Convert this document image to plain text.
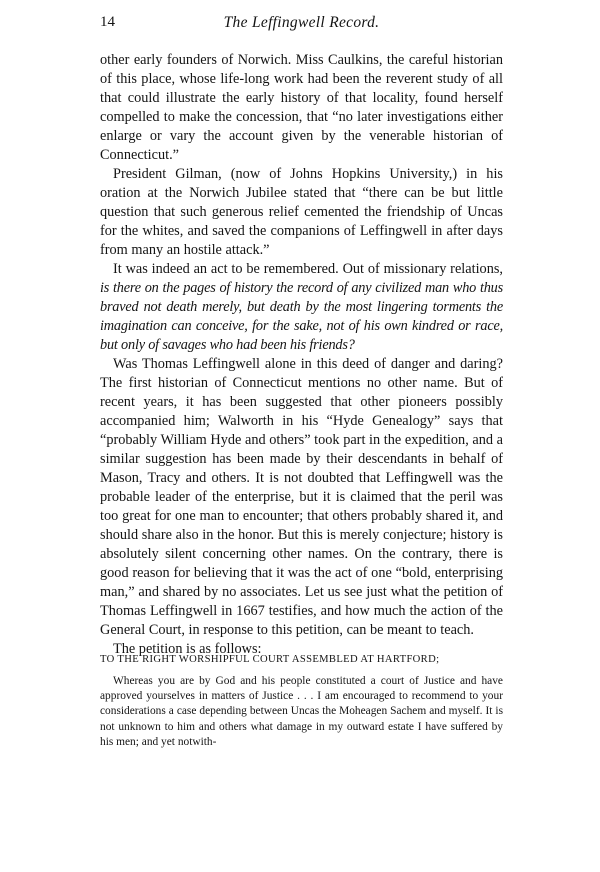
14	The Leffingwell Record.

other early founders of Norwich. Miss Caulkins, the careful historian of this place, whose life-long work had been the reverent study of all that could illustrate the early history of that locality, found herself compelled to make the concession, that “no later investigations either enlarge or vary the account given by the venerable historian of Connecticut.”

President Gilman, (now of Johns Hopkins University,) in his oration at the Norwich Jubilee stated that “there can be but little question that such generous relief cemented the friendship of Uncas for the whites, and saved the companions of Leffingwell in after days from many an hostile attack.”

It was indeed an act to be remembered. Out of missionary relations, is there on the pages of history the record of any civilized man who thus braved not death merely, but death by the most lingering torments the imagination can conceive, for the sake, not of his own kindred or race, but only of savages who had been his friends?

Was Thomas Leffingwell alone in this deed of danger and daring? The first historian of Connecticut mentions no other name. But of recent years, it has been suggested that other pioneers possibly accompanied him; Walworth in his “Hyde Genealogy” says that “probably William Hyde and others” took part in the expedition, and a similar suggestion has been made by their descendants in behalf of Mason, Tracy and others. It is not doubted that Leffingwell was the probable leader of the enterprise, but it is claimed that the peril was too great for one man to encounter; that others probably shared it, and should share also in the honor. But this is merely conjecture; history is absolutely silent concerning other names. On the contrary, there is good reason for believing that it was the act of one “bold, enterprising man,” and shared by no associates. Let us see just what the petition of Thomas Leffingwell in 1667 testifies, and how much the action of the General Court, in response to this petition, can be meant to teach.

The petition is as follows:

TO THE RIGHT WORSHIPFUL COURT ASSEMBLED AT HARTFORD;

Whereas you are by God and his people constituted a court of Justice and have approved yourselves in matters of Justice . . . I am encouraged to recommend to your considerations a case depending between Uncas the Moheagen Sachem and myself. It is not unknown to him and others what damage in my outward estate I have suffered by his men; and yet notwith-
